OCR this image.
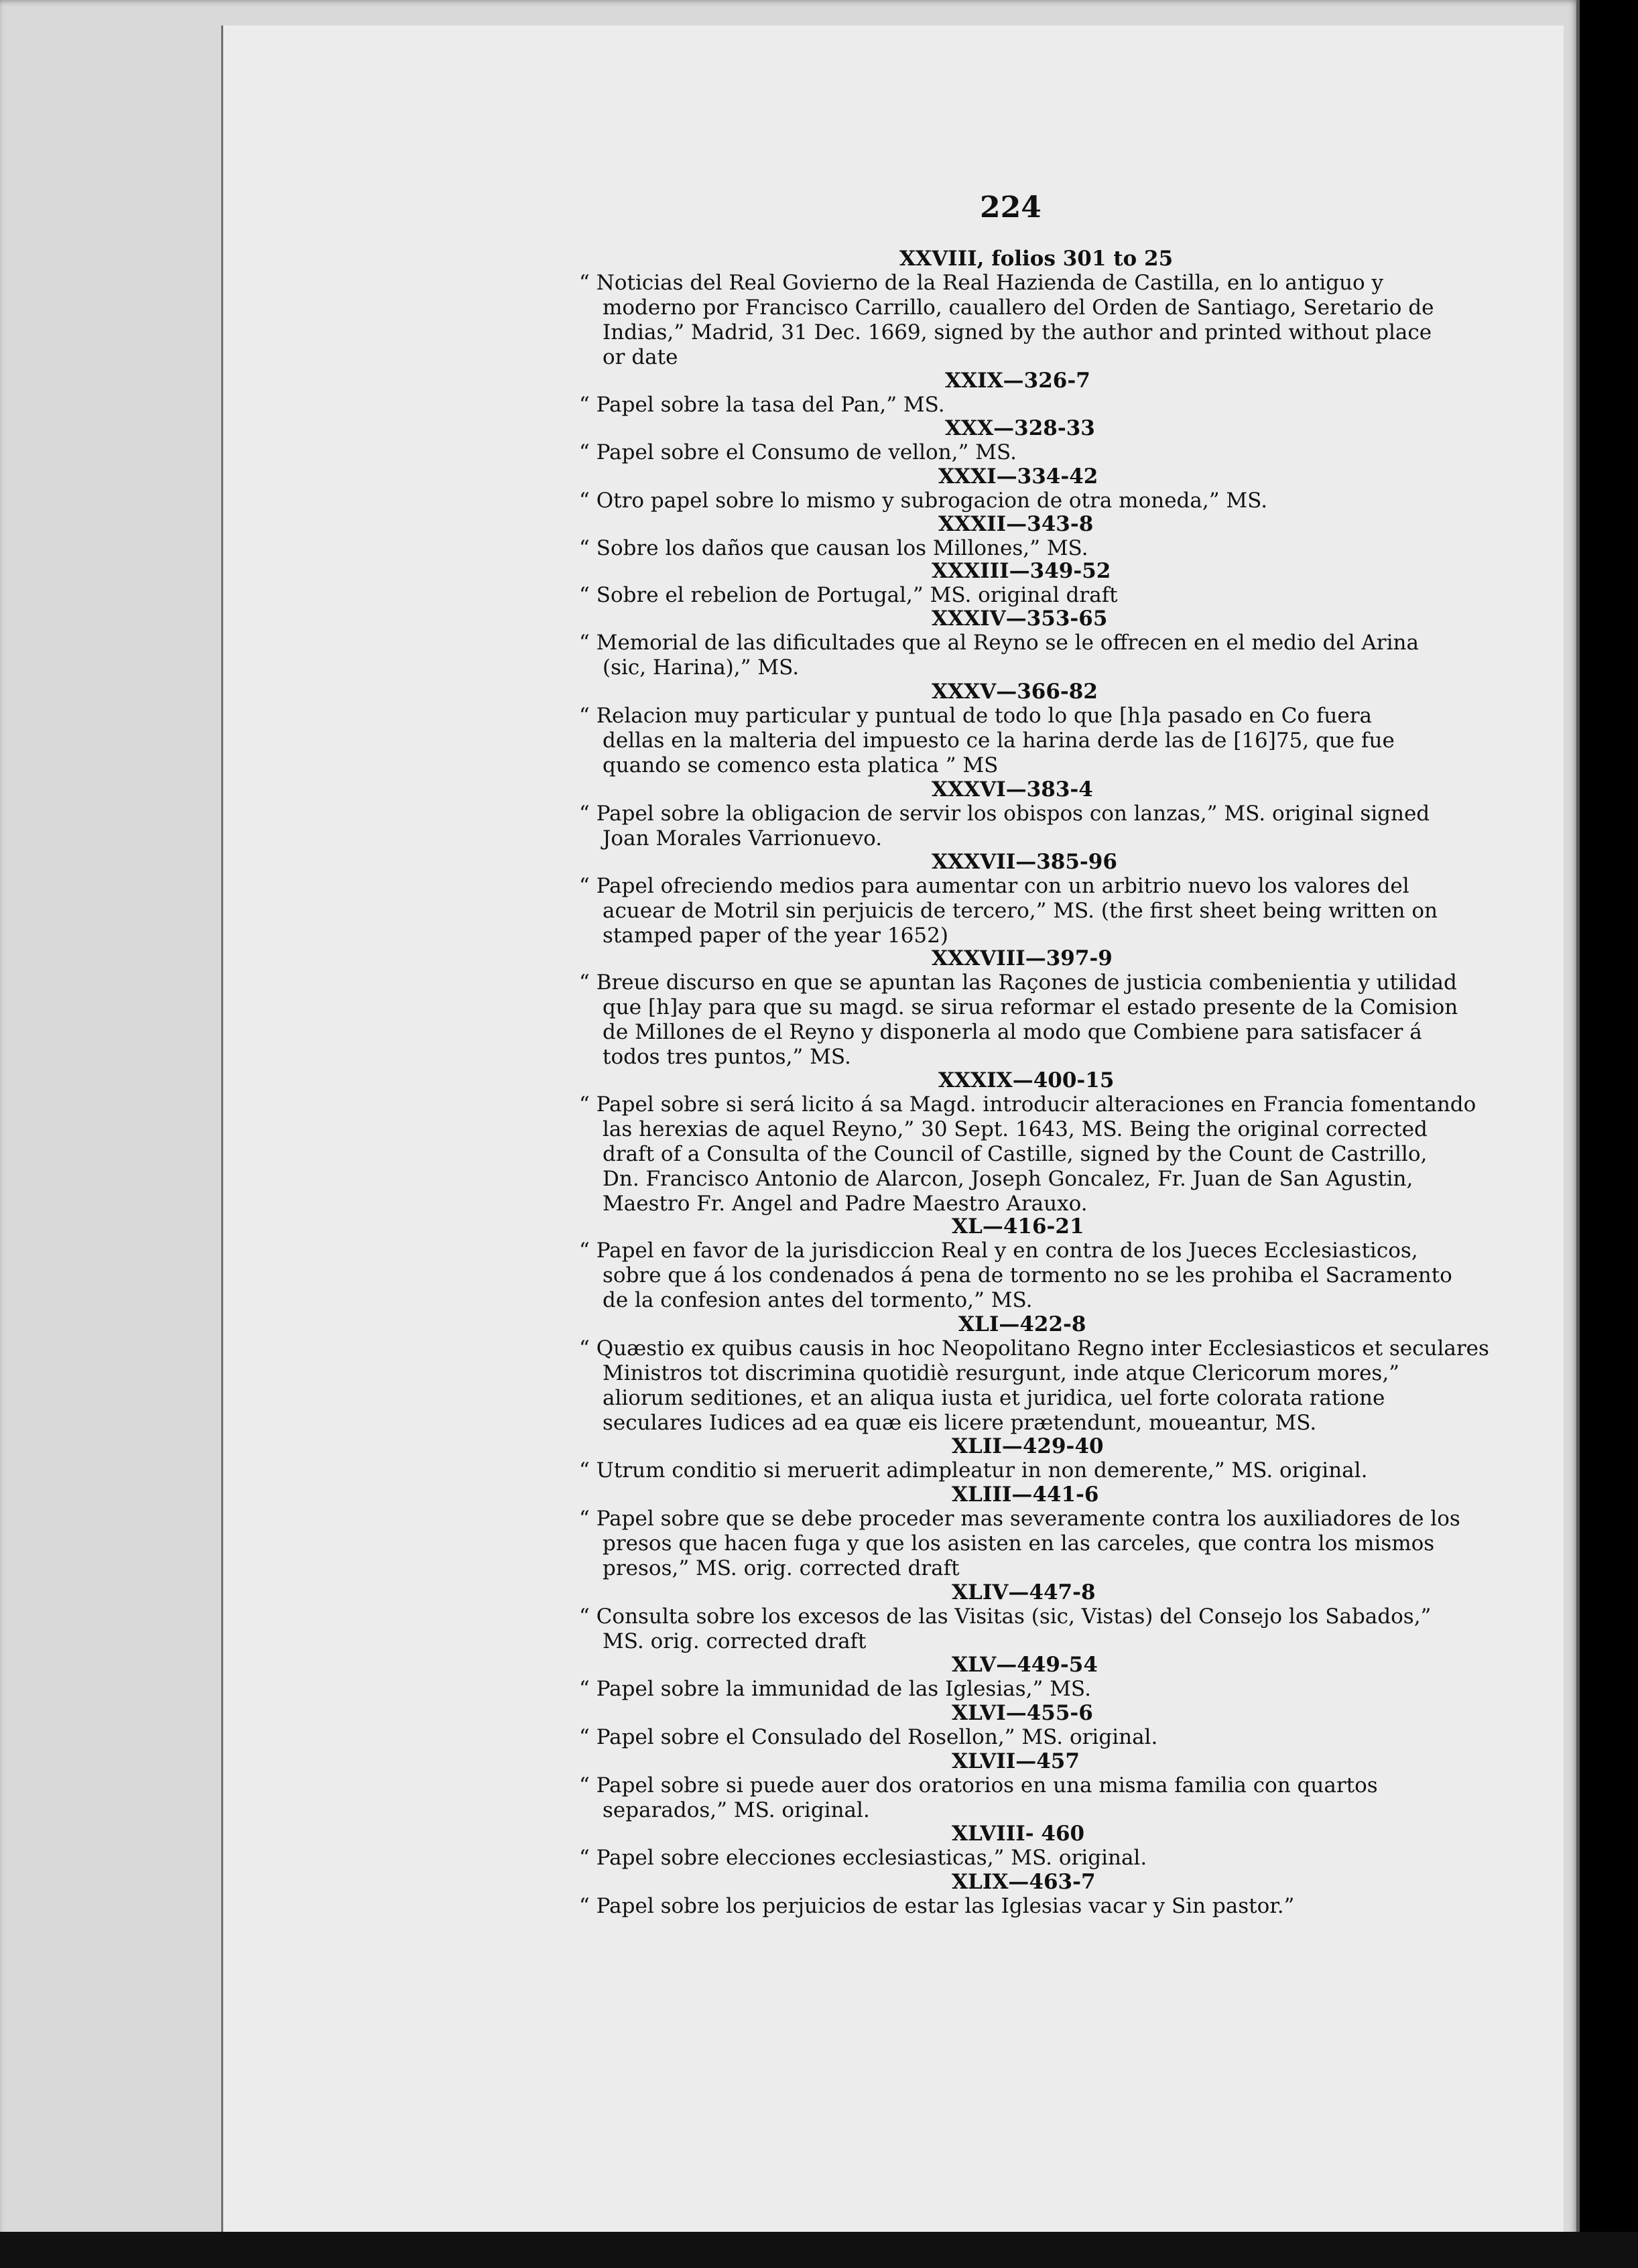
224
XXVIII, folios 301 to 25
“ Noticias del Real Govierno de la Real Hazienda de Castilla, en lo antiguo y
moderno por Francisco Carrillo, cauallero del Orden de Santiago, Seretario de
Indias,” Madrid, 31 Dec. 1669, signed by the author and printed without place
or date
XXIX—326-7
“ Papel sobre la tasa del Pan,” MS.
XXX—328-33
“ Papel sobre el Consumo de vellon,” MS.
XXXI—334-42
“ Otro papel sobre lo mismo y subrogacion de otra moneda,” MS.
XXXII—343-8
“ Sobre los daños que causan los Millones,” MS.
XXXIII—349-52
“ Sobre el rebelion de Portugal,” MS. original draft
XXXIV—353-65
“ Memorial de las dificultades que al Reyno se le offrecen en el medio del Arina
(sic, Harina),” MS.
XXXV—366-82
“ Relacion muy particular y puntual de todo lo que [h]a pasado en Co fuera
dellas en la malteria del impuesto ce la harina derde las de [16]75, que fue
quando se comenco esta platica ” MS
XXXVI—383-4
“ Papel sobre la obligacion de servir los obispos con lanzas,” MS. original signed
Joan Morales Varrionuevo.
XXXVII—385-96
“ Papel ofreciendo medios para aumentar con un arbitrio nuevo los valores del
acuear de Motril sin perjuicis de tercero,” MS. (the first sheet being written on
stamped paper of the year 1652)
XXXVIII—397-9
“ Breue discurso en que se apuntan las Raçones de justicia combenientia y utilidad
que [h]ay para que su magd. se sirua reformar el estado presente de la Comision
de Millones de el Reyno y disponerla al modo que Combiene para satisfacer á
todos tres puntos,” MS.
XXXIX—400-15
“ Papel sobre si será licito á sa Magd. introducir alteraciones en Francia fomentando
las herexias de aquel Reyno,” 30 Sept. 1643, MS. Being the original corrected
draft of a Consulta of the Council of Castille, signed by the Count de Castrillo,
Dn. Francisco Antonio de Alarcon, Joseph Goncalez, Fr. Juan de San Agustin,
Maestro Fr. Angel and Padre Maestro Arauxo.
XL—416-21
“ Papel en favor de la jurisdiccion Real y en contra de los Jueces Ecclesiasticos,
sobre que á los condenados á pena de tormento no se les prohiba el Sacramento
de la confesion antes del tormento,” MS.
XLI—422-8
“ Quæstio ex quibus causis in hoc Neopolitano Regno inter Ecclesiasticos et seculares
Ministros tot discrimina quotidiè resurgunt, inde atque Clericorum mores,”
aliorum seditiones, et an aliqua iusta et juridica, uel forte colorata ratione
seculares Iudices ad ea quæ eis licere prætendunt, moueantur, MS.
XLII—429-40
“ Utrum conditio si meruerit adimpleatur in non demerente,” MS. original.
XLIII—441-6
“ Papel sobre que se debe proceder mas severamente contra los auxiliadores de los
presos que hacen fuga y que los asisten en las carceles, que contra los mismos
presos,” MS. orig. corrected draft
XLIV—447-8
“ Consulta sobre los excesos de las Visitas (sic, Vistas) del Consejo los Sabados,”
MS. orig. corrected draft
XLV—449-54
“ Papel sobre la immunidad de las Iglesias,” MS.
XLVI—455-6
“ Papel sobre el Consulado del Rosellon,” MS. original.
XLVII—457
“ Papel sobre si puede auer dos oratorios en una misma familia con quartos
separados,” MS. original.
XLVIII- 460
“ Papel sobre elecciones ecclesiasticas,” MS. original.
XLIX—463-7
“ Papel sobre los perjuicios de estar las Iglesias vacar y Sin pastor.”
